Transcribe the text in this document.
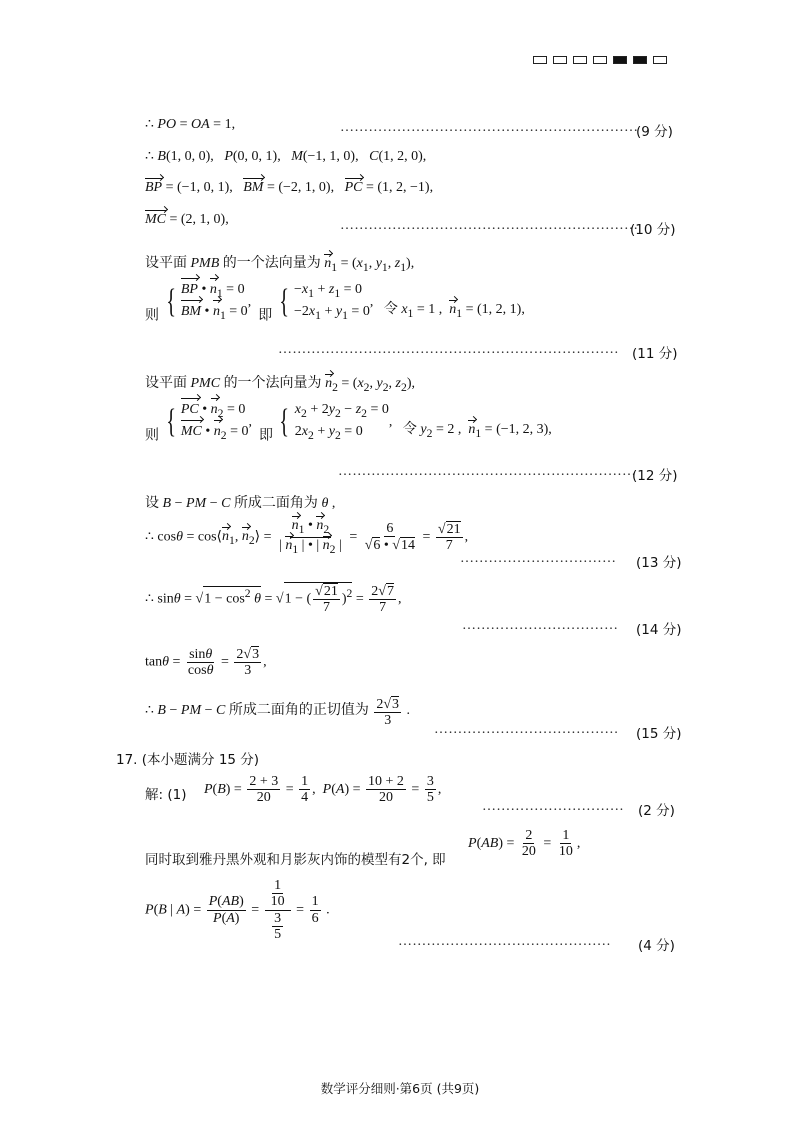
∴ PO = OA = 1,	………………………………………………………
(9 分)
∴ B(1, 0, 0),   P(0, 0, 1),   M(−1, 1, 0),   C(1, 2, 0),
BP = (−1, 0, 1),   BM = (−2, 1, 0),   PC = (1, 2, −1),
MC = (2, 1, 0),	………………………………………………………
(10 分)
设平面 PMB 的一个法向量为 $n_1 = (x_1$, $y_1$, $z_1$),
则 { BP • $n_1 = 0$
BM • $n_1 = 0$
,  即 { $-x_1 + z_1 = 0$
$-2x_1 + y_1 = 0$
,   令 $x_1 = 1$ ,  $n_1 = (1$, 2, 1),
……………………………………………………………… (11 分)
设平面 PMC 的一个法向量为 $n_2 = (x_2$, $y_2$, $z_2$),
则 { PC • $n_2 = 0$
MC • $n_2 = 0$
,  即 { $x_2 + 2y_2 - z_2 = 0$
$2x_2 + y_2 = 0$
,   令 $y_2 = 2$ ,  $n_1 = (-1$, 2, 3),
………………………………………………………
(12 分)
设 B − PM − C 所成二面角为 θ ,
∴ $\cos\theta = \cos⟨n_1$, $n_2⟩ = \frac{n_1 • n_2}{| n_1 | • | n_2 |} = \frac{6}{√6 • √14} = \frac{√21}{7}$ ,
…………………………… (13 分)
∴ $\sin\theta = √1 - \cos^2 \theta = √1$ − ( $\frac{√21}{7} )^2 = \frac{2√7}{7}$ ,
…………………………… (14 分)
$\tan\theta = \frac{\sin\theta}{\cos\theta} = \frac{2√3}{3}$ ,
∴ B − PM − C 所成二面角的正切值为 $\frac{2√3}{3}$ .
………………………………… (15 分)
17. (本小题满分 15 分)
解: (1) $P(B) = \frac{2 + 3}{20} = \frac{1}{4}$ ,  $P(A) = \frac{10 + 2}{20} = \frac{3}{5}$ ,
………………………… (2 分)
同时取到雅丹黑外观和月影灰内饰的模型有2个, 即
$P(AB) = \frac{2}{20} = \frac{1}{10}$ ,
P(B | $A) = \frac{P(AB)}{P(A)} = \frac{\frac{1}{10}}{\frac{3}{5}} = \frac{1}{6}$ .
……………………………………… (4 分)
数学评分细则·第6页 (共9页)
